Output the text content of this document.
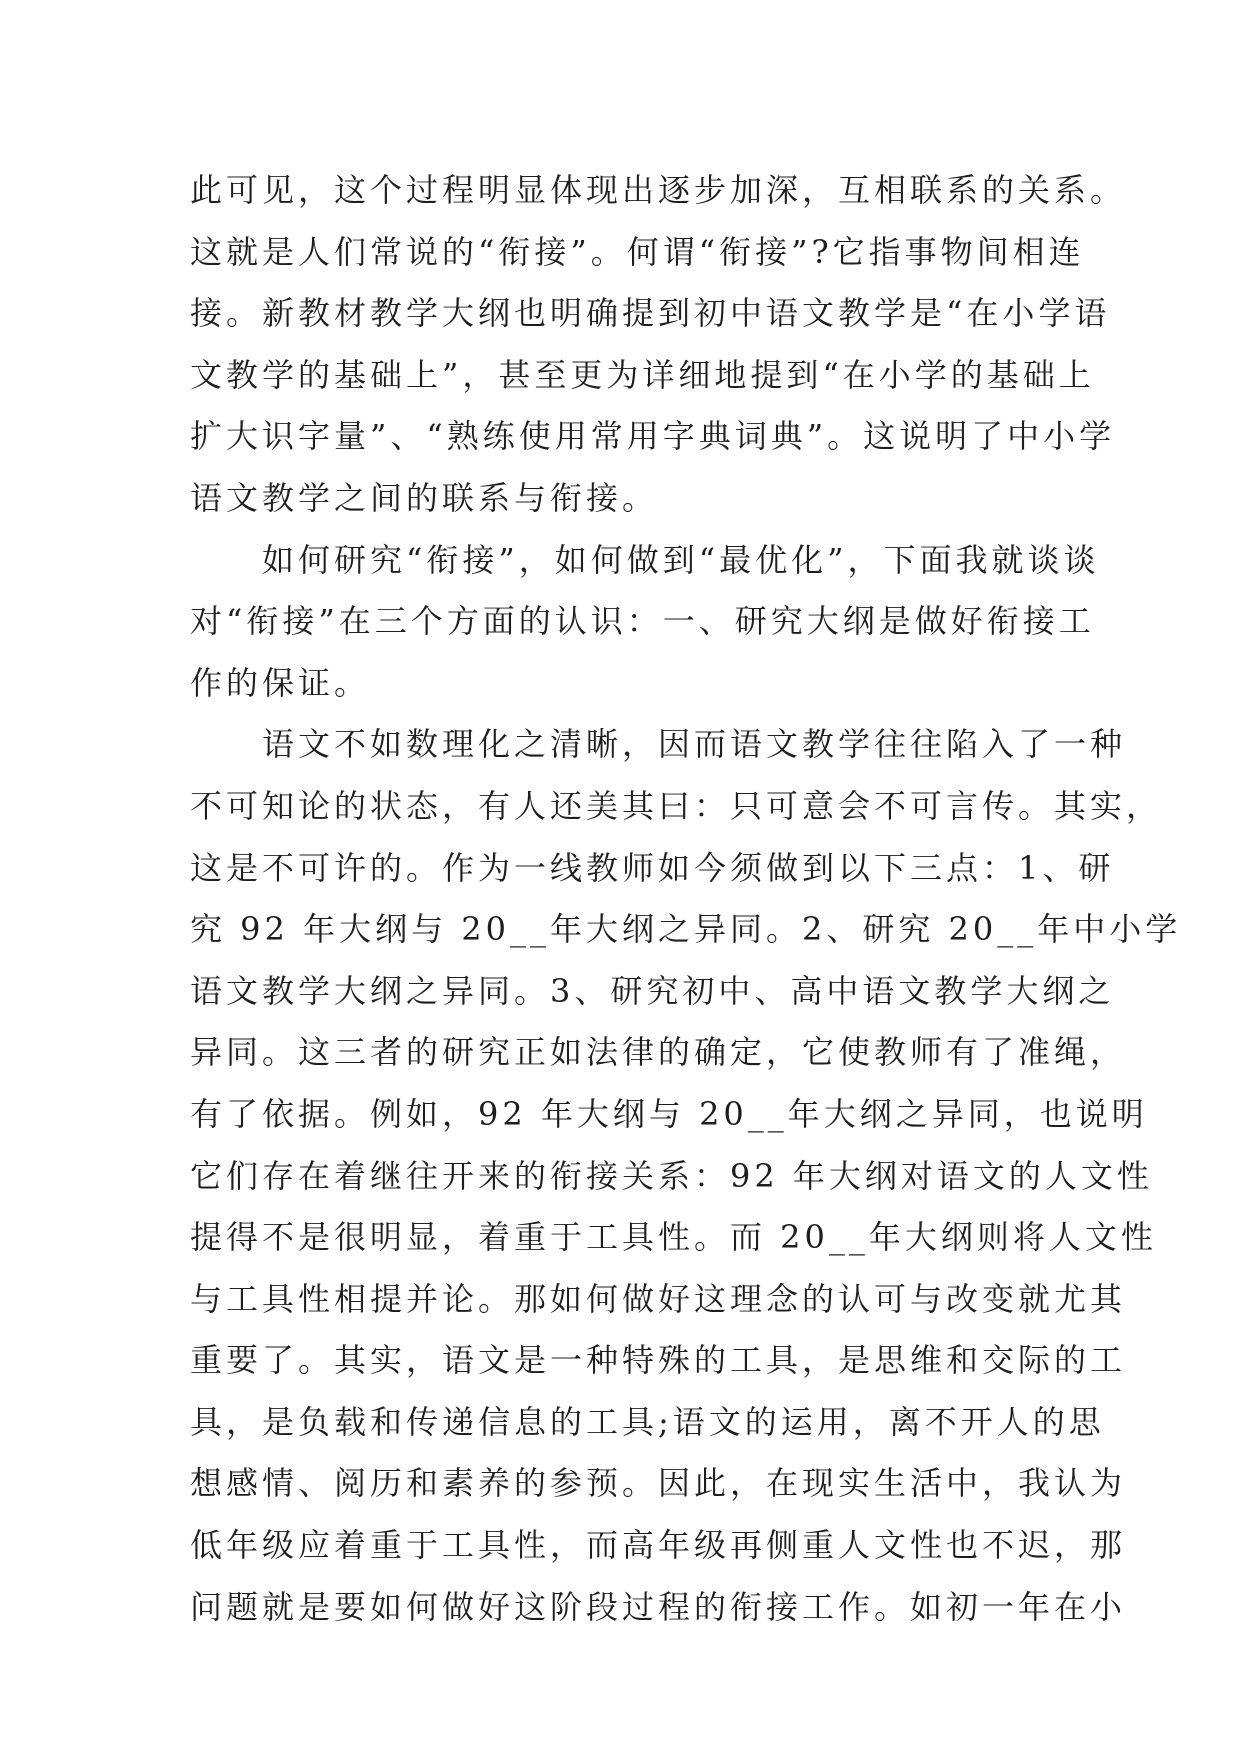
此可见，这个过程明显体现出逐步加深，互相联系的关系。
这就是人们常说的“衔接”。何谓“衔接”?它指事物间相连
接。新教材教学大纲也明确提到初中语文教学是“在小学语
文教学的基础上”，甚至更为详细地提到“在小学的基础上
扩大识字量”、“熟练使用常用字典词典”。这说明了中小学
语文教学之间的联系与衔接。
　　如何研究“衔接”，如何做到“最优化”，下面我就谈谈
对“衔接”在三个方面的认识：一、研究大纲是做好衔接工
作的保证。
　　语文不如数理化之清晰，因而语文教学往往陷入了一种
不可知论的状态，有人还美其曰：只可意会不可言传。其实，
这是不可许的。作为一线教师如今须做到以下三点：1、研
究 92 年大纲与 20__年大纲之异同。2、研究 20__年中小学
语文教学大纲之异同。3、研究初中、高中语文教学大纲之
异同。这三者的研究正如法律的确定，它使教师有了准绳，
有了依据。例如，92 年大纲与 20__年大纲之异同，也说明
它们存在着继往开来的衔接关系：92 年大纲对语文的人文性
提得不是很明显，着重于工具性。而 20__年大纲则将人文性
与工具性相提并论。那如何做好这理念的认可与改变就尤其
重要了。其实，语文是一种特殊的工具，是思维和交际的工
具，是负载和传递信息的工具;语文的运用，离不开人的思
想感情、阅历和素养的参预。因此，在现实生活中，我认为
低年级应着重于工具性，而高年级再侧重人文性也不迟，那
问题就是要如何做好这阶段过程的衔接工作。如初一年在小
